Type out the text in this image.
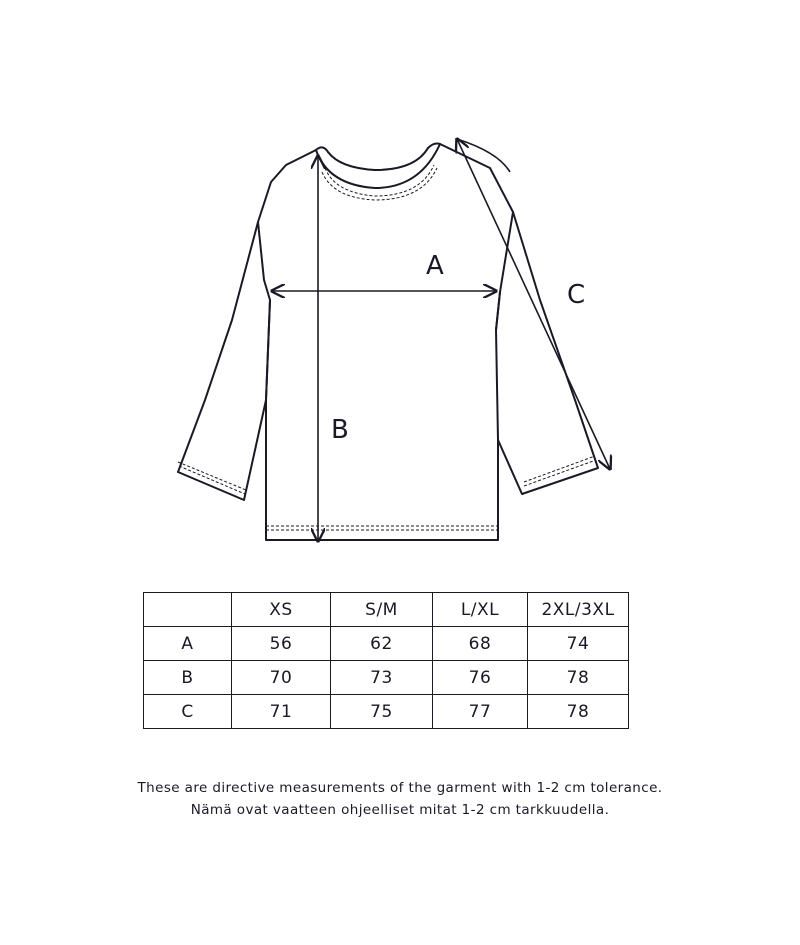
A
B
C
	XS	S/M	L/XL	2XL/3XL
A	56	62	68	74
B	70	73	76	78
C	71	75	77	78
These are directive measurements of the garment with 1-2 cm tolerance.
Nämä ovat vaatteen ohjeelliset mitat 1-2 cm tarkkuudella.
